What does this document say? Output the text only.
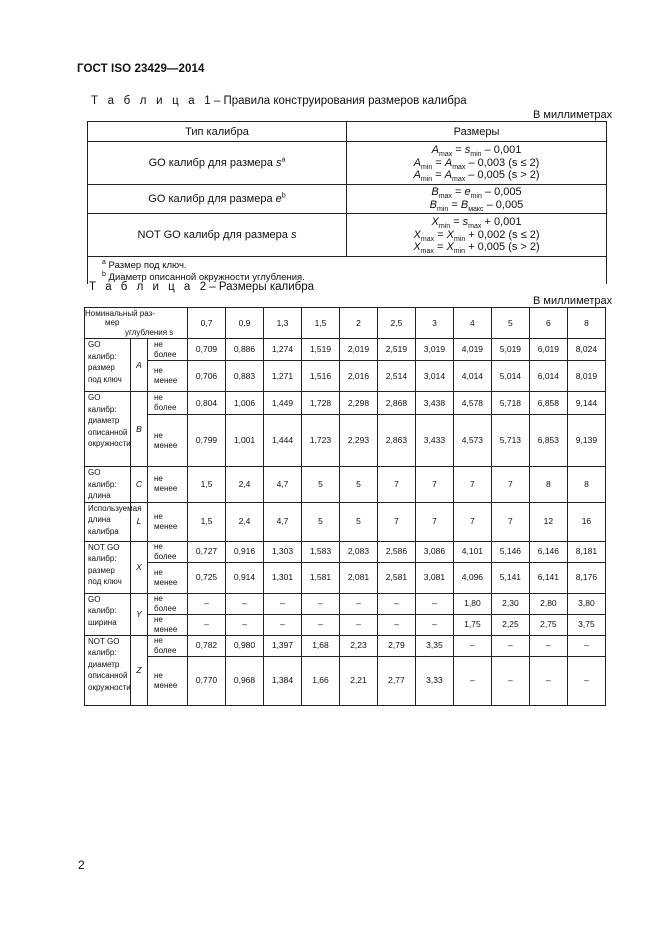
ГОСТ ISO 23429—2014
Т а б л и ц а 1 – Правила конструирования размеров калибра
В миллиметрах
Тип калибра	Размеры
GO калибр для размера $s^a$	$A_{max} = s_{min} - 0,001$
$A_{min} = A_{max} - 0,003$ (s ≤ 2)
$A_{min} = A_{max} - 0,005$ (s > 2)

GO калибр для размера $e^b$	$B_{max} = e_{min} - 0,005$
$B_{min} = B_{макс} - 0,005$

NOT GO калибр для размера s	$X_{min} = s_{max} + 0,001$
$X_{max} = X_{min} + 0,002$ (s ≤ 2)
$X_{max} = X_{min} + 0,005$ (s > 2)

$^a$ Размер под ключ.
$^b$ Диаметр описанной окружности углубления.	
Т а б л и ц а 2 – Размеры калибра
В миллиметрах
Номинальный раз-
мер
углубления s			0,7	0,9	1,3	1,5	2	2,5	3	4	5	6	8
GO калибр: размер под ключ	A	не более	0,709	0,886	1,274	1,519	2,019	2,519	3,019	4,019	5,019	6,019	8,024
		не менее	0,706	0,883	1,271	1,516	2,016	2,514	3,014	4,014	5,014	6,014	8,019
GO калибр: диаметр описанной окружности	B	не более	0,804	1,006	1,449	1,728	2,298	2,868	3,438	4,578	5,718	6,858	9,144
		не менее	0,799	1,001	1,444	1,723	2,293	2,863	3,433	4,573	5,713	6,853	9,139
GO калибр: длина	C	не менее	1,5	2,4	4,7	5	5	7	7	7	7	8	8
Используемая длина калибра	L	не менее	1,5	2,4	4,7	5	5	7	7	7	7	12	16
NOT GO калибр: размер под ключ	X	не более	0,727	0,916	1,303	1,583	2,083	2,586	3,086	4,101	5,146	6,146	8,181
		не менее	0,725	0,914	1,301	1,581	2,081	2,581	3,081	4,096	5,141	6,141	8,176
GO калибр: ширина	Y	не более	–	–	–	–	–	–	–	1,80	2,30	2,80	3,80
		не менее	–	–	–	–	–	–	–	1,75	2,25	2,75	3,75
NOT GO калибр: диаметр описанной окружности	Z	не более	0,782	0,980	1,397	1,68	2,23	2,79	3,35	–	–	–	–
		не менее	0,770	0,968	1,384	1,66	2,21	2,77	3,33	–	–	–	–
2
